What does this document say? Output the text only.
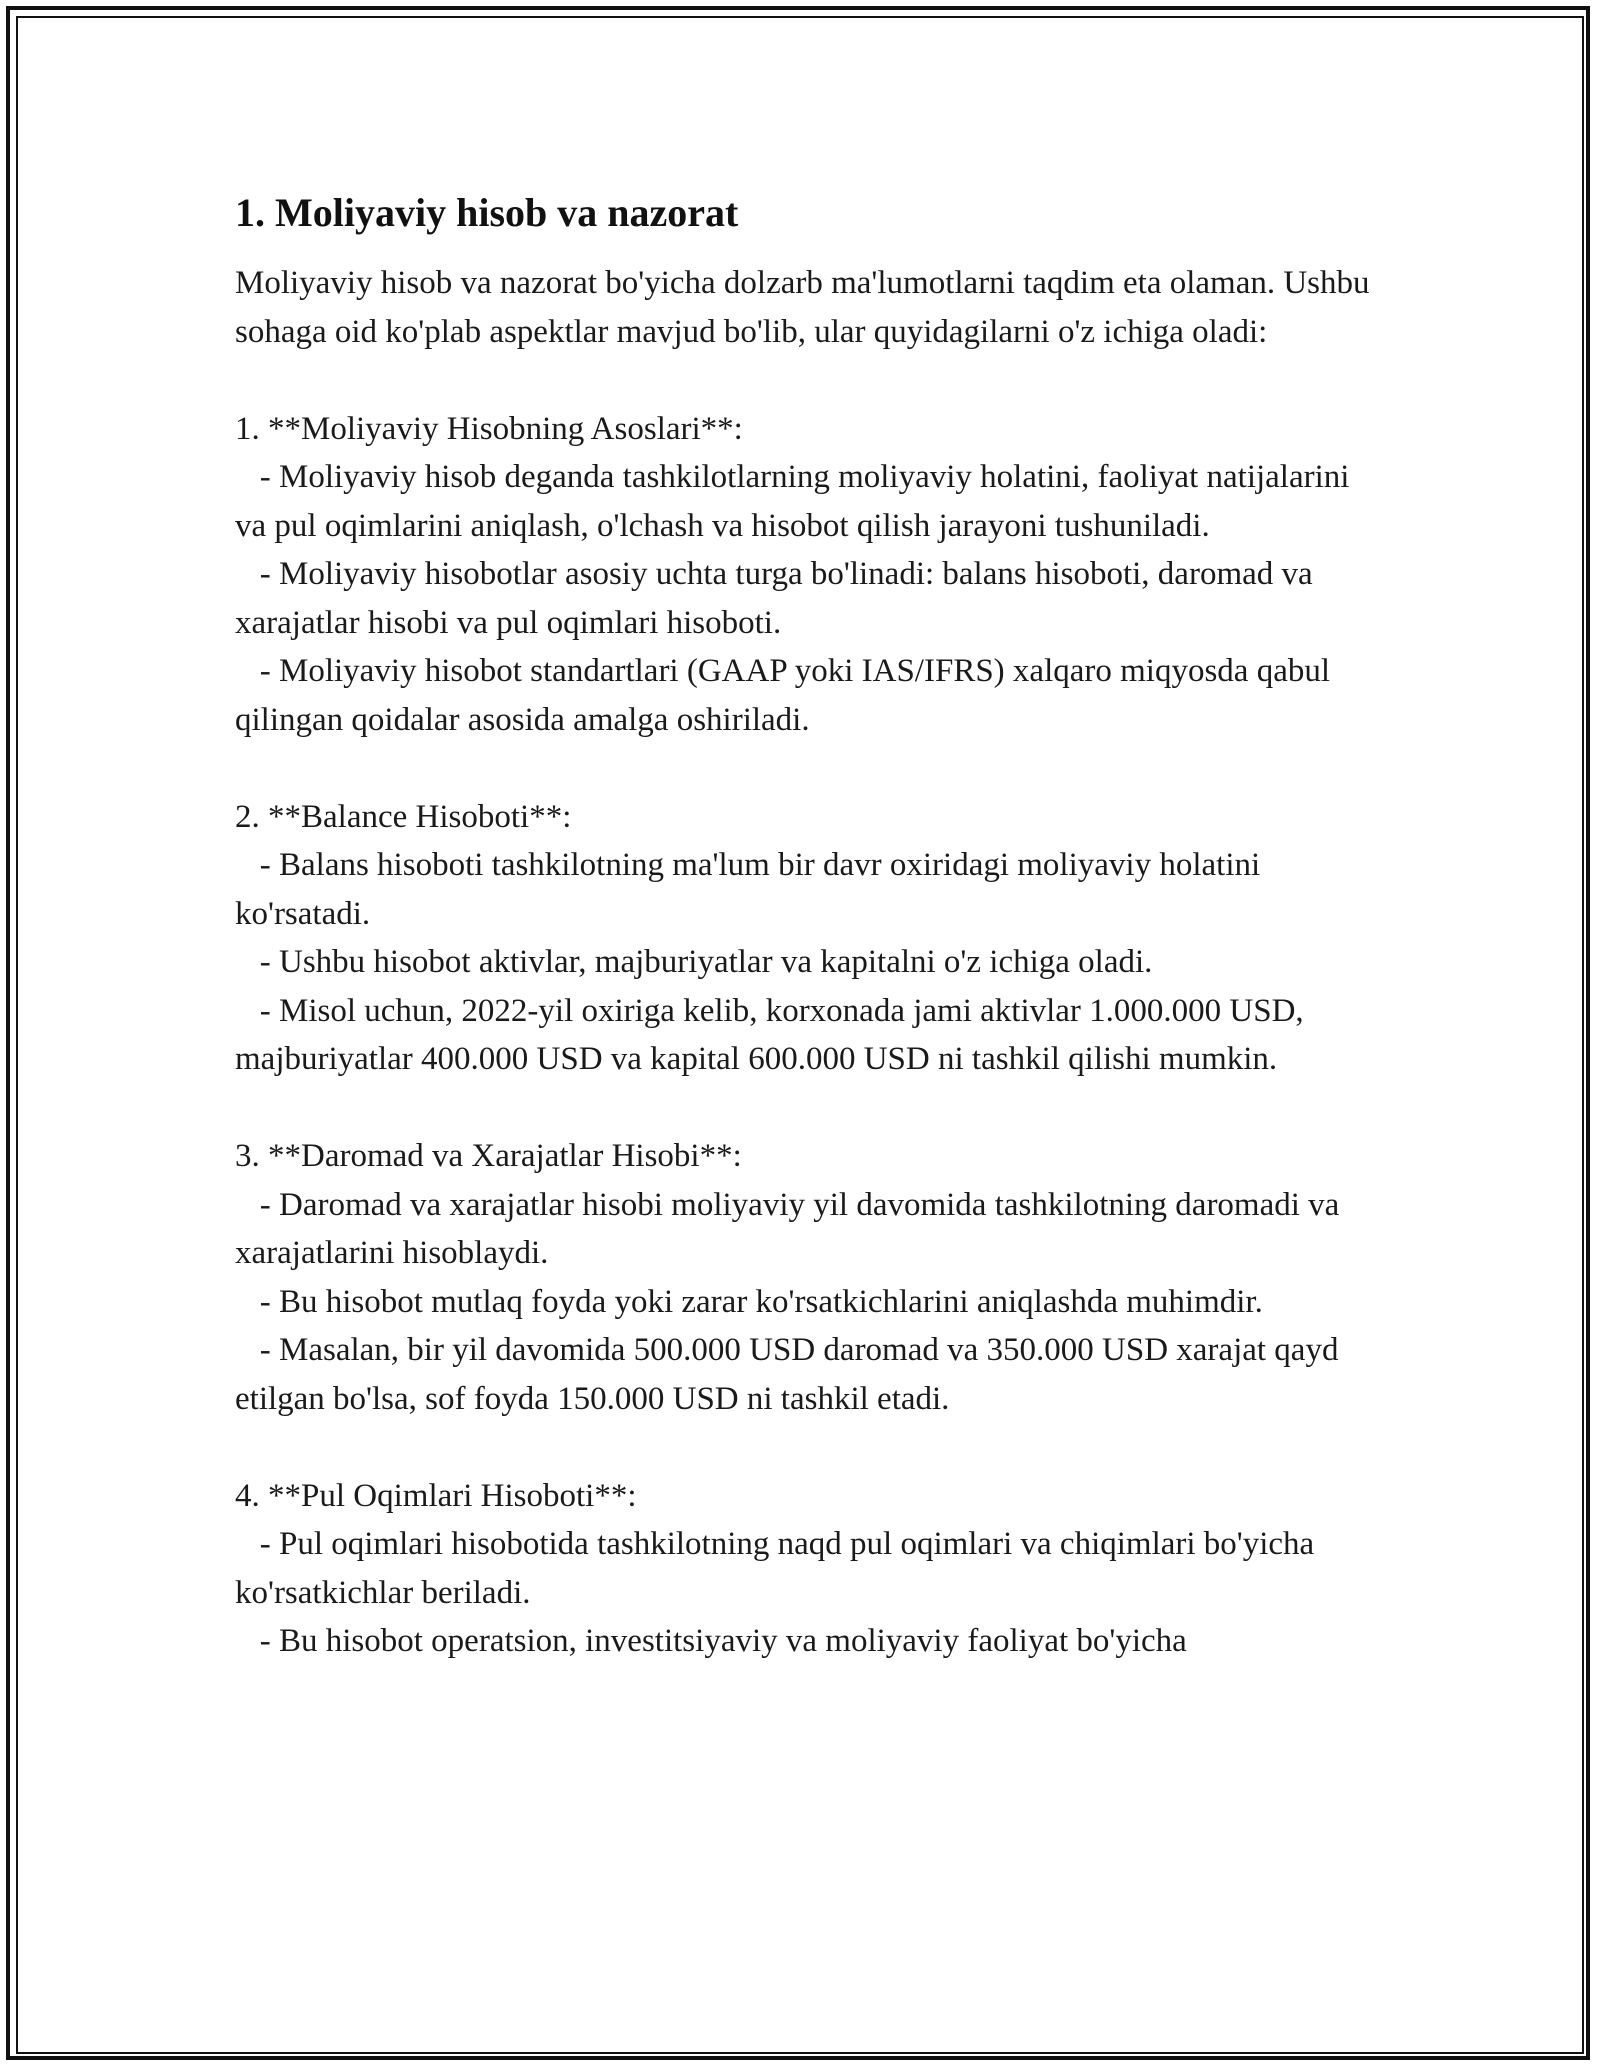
1. Moliyaviy hisob va nazorat

Moliyaviy hisob va nazorat bo'yicha dolzarb ma'lumotlarni taqdim eta olaman. Ushbu sohaga oid ko'plab aspektlar mavjud bo'lib, ular quyidagilarni o'z ichiga oladi:

1. **Moliyaviy Hisobning Asoslari**:

- Moliyaviy hisob deganda tashkilotlarning moliyaviy holatini, faoliyat natijalarini va pul oqimlarini aniqlash, o'lchash va hisobot qilish jarayoni tushuniladi.

- Moliyaviy hisobotlar asosiy uchta turga bo'linadi: balans hisoboti, daromad va xarajatlar hisobi va pul oqimlari hisoboti.

- Moliyaviy hisobot standartlari (GAAP yoki IAS/IFRS) xalqaro miqyosda qabul qilingan qoidalar asosida amalga oshiriladi.

2. **Balance Hisoboti**:

- Balans hisoboti tashkilotning ma'lum bir davr oxiridagi moliyaviy holatini ko'rsatadi.

- Ushbu hisobot aktivlar, majburiyatlar va kapitalni o'z ichiga oladi.

- Misol uchun, 2022-yil oxiriga kelib, korxonada jami aktivlar 1.000.000 USD, majburiyatlar 400.000 USD va kapital 600.000 USD ni tashkil qilishi mumkin.

3. **Daromad va Xarajatlar Hisobi**:

- Daromad va xarajatlar hisobi moliyaviy yil davomida tashkilotning daromadi va xarajatlarini hisoblaydi.

- Bu hisobot mutlaq foyda yoki zarar ko'rsatkichlarini aniqlashda muhimdir.

- Masalan, bir yil davomida 500.000 USD daromad va 350.000 USD xarajat qayd etilgan bo'lsa, sof foyda 150.000 USD ni tashkil etadi.

4. **Pul Oqimlari Hisoboti**:

- Pul oqimlari hisobotida tashkilotning naqd pul oqimlari va chiqimlari bo'yicha ko'rsatkichlar beriladi.

- Bu hisobot operatsion, investitsiyaviy va moliyaviy faoliyat bo'yicha
